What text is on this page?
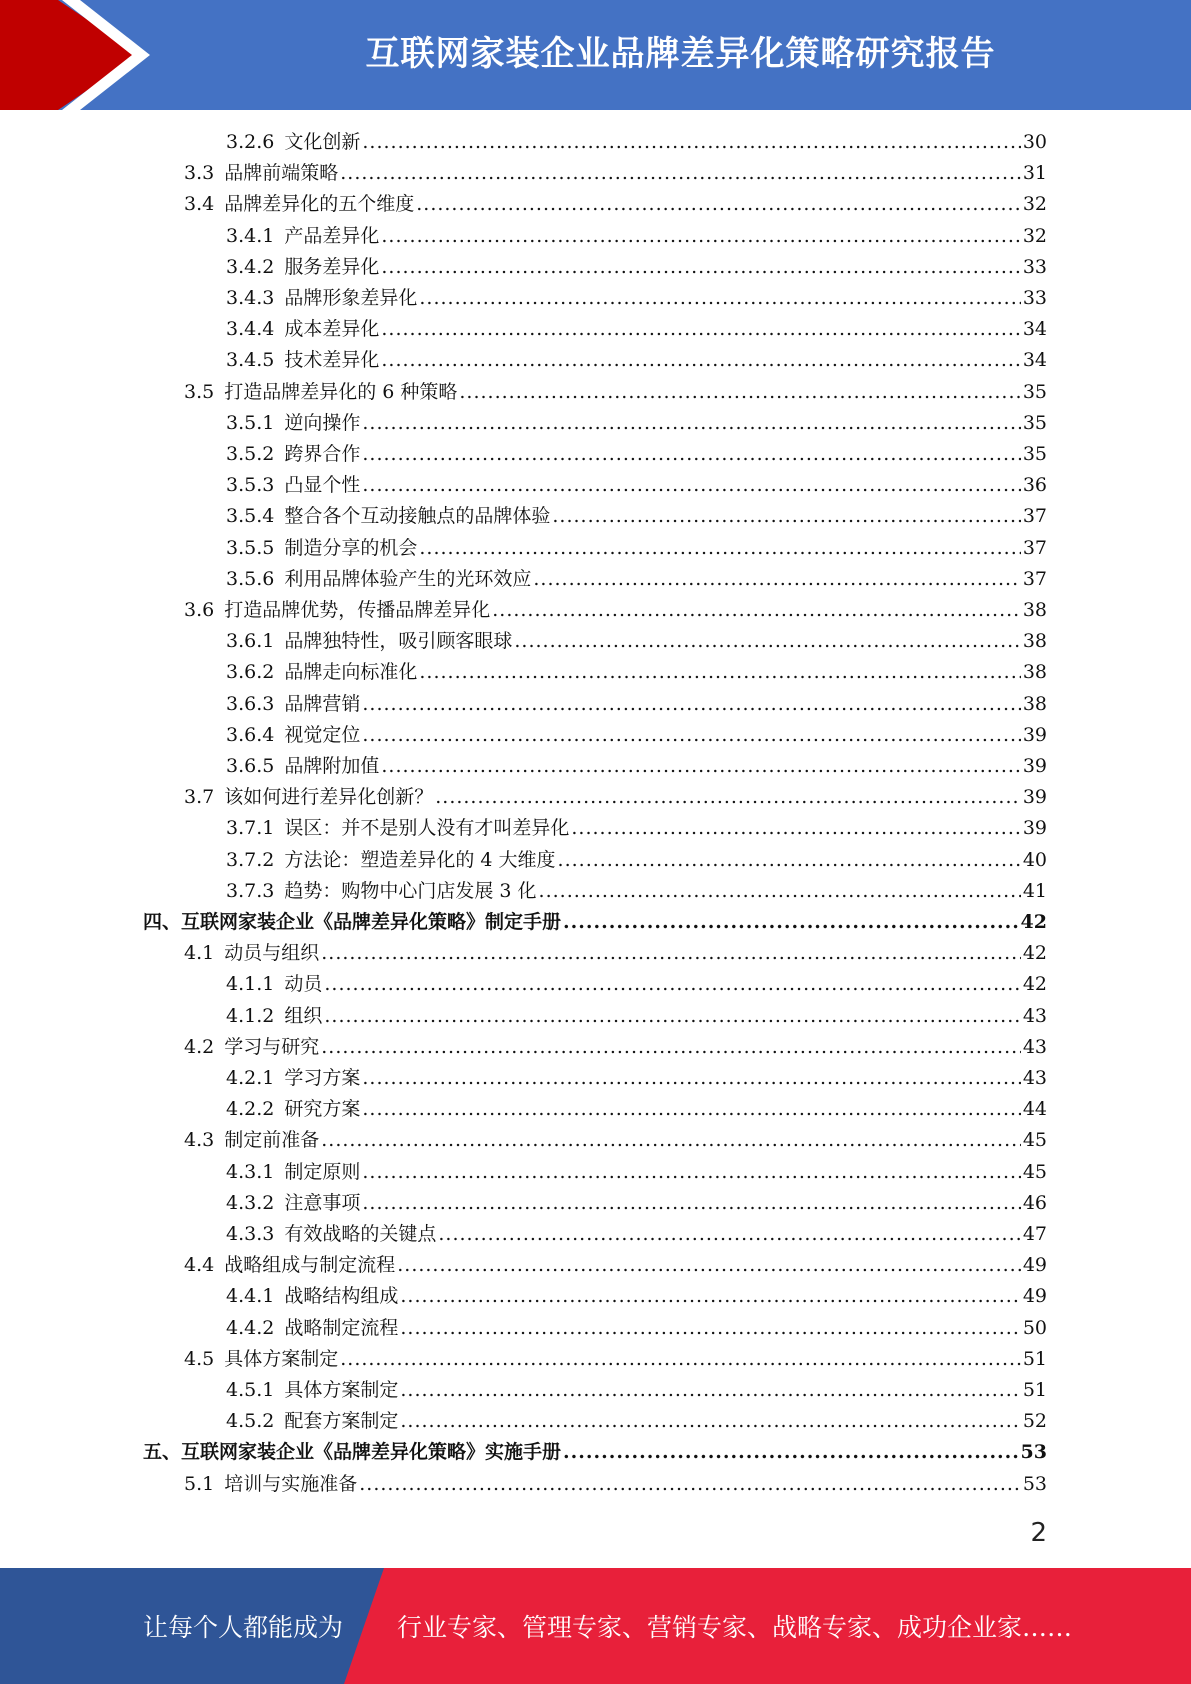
互联网家装企业品牌差异化策略研究报告
3.2.6 文化创新 .....	30
3.3 品牌前端策略 .....	31
3.4 品牌差异化的五个维度 .....	32
3.4.1 产品差异化 .....	32
3.4.2 服务差异化 .....	33
3.4.3 品牌形象差异化 .....	33
3.4.4 成本差异化 .....	34
3.4.5 技术差异化 .....	34
3.5 打造品牌差异化的 6 种策略 .....	35
3.5.1 逆向操作 .....	35
3.5.2 跨界合作 .....	35
3.5.3 凸显个性 .....	36
3.5.4 整合各个互动接触点的品牌体验 .....	37
3.5.5 制造分享的机会 .....	37
3.5.6 利用品牌体验产生的光环效应 .....	37
3.6 打造品牌优势，传播品牌差异化 .....	38
3.6.1 品牌独特性，吸引顾客眼球 .....	38
3.6.2 品牌走向标准化 .....	38
3.6.3 品牌营销 .....	38
3.6.4 视觉定位 .....	39
3.6.5 品牌附加值 .....	39
3.7 该如何进行差异化创新？ .....	39
3.7.1 误区：并不是别人没有才叫差异化 .....	39
3.7.2 方法论：塑造差异化的 4 大维度 .....	40
3.7.3 趋势：购物中心门店发展 3 化 .....	41
四、互联网家装企业《品牌差异化策略》制定手册 .....	42
4.1 动员与组织 .....	42
4.1.1 动员 .....	42
4.1.2 组织 .....	43
4.2 学习与研究 .....	43
4.2.1 学习方案 .....	43
4.2.2 研究方案 .....	44
4.3 制定前准备 .....	45
4.3.1 制定原则 .....	45
4.3.2 注意事项 .....	46
4.3.3 有效战略的关键点 .....	47
4.4 战略组成与制定流程 .....	49
4.4.1 战略结构组成 .....	49
4.4.2 战略制定流程 .....	50
4.5 具体方案制定 .....	51
4.5.1 具体方案制定 .....	51
4.5.2 配套方案制定 .....	52
五、互联网家装企业《品牌差异化策略》实施手册 .....	53
5.1 培训与实施准备 .....	53
2
让每个人都能成为 行业专家、管理专家、营销专家、战略专家、成功企业家……
